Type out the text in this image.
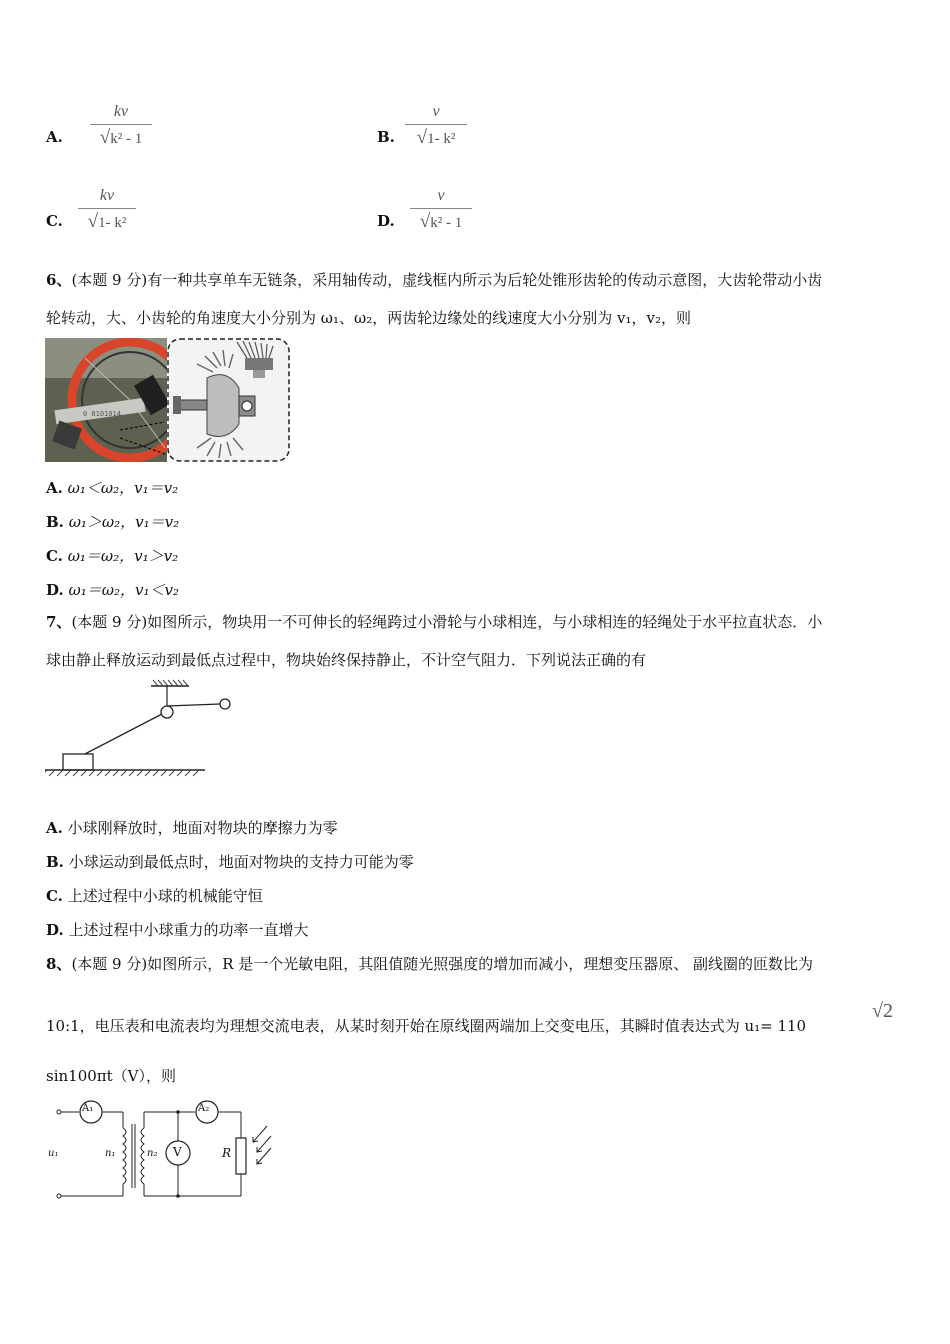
A.
kv
√k² - 1	B.
v
√1- k²
C.
kv
√1- k²	D.
v
√k² - 1
6、(本题 9 分)有一种共享单车无链条，采用轴传动，虚线框内所示为后轮处锥形齿轮的传动示意图，大齿轮带动小齿
轮转动，大、小齿轮的角速度大小分别为 ω₁、ω₂，两齿轮边缘处的线速度大小分别为 v₁，v₂，则
0 8101014
A. ω₁＜ω₂，v₁＝v₂
B. ω₁＞ω₂，v₁＝v₂
C. ω₁＝ω₂，v₁＞v₂
D. ω₁＝ω₂，v₁＜v₂
7、(本题 9 分)如图所示，物块用一不可伸长的轻绳跨过小滑轮与小球相连，与小球相连的轻绳处于水平拉直状态．小
球由静止释放运动到最低点过程中，物块始终保持静止，不计空气阻力．下列说法正确的有
A. 小球刚释放时，地面对物块的摩擦力为零
B. 小球运动到最低点时，地面对物块的支持力可能为零
C. 上述过程中小球的机械能守恒
D. 上述过程中小球重力的功率一直增大
8、(本题 9 分)如图所示，R 是一个光敏电阻，其阻值随光照强度的增加而减小，理想变压器原、 副线圈的匝数比为
10:1，电压表和电流表均为理想交流电表，从某时刻开始在原线圈两端加上交变电压，其瞬时值表达式为 u₁= 110
√2
sin100πt（V），则
A₁	A₂
V
u₁	n₁	n₂	R
